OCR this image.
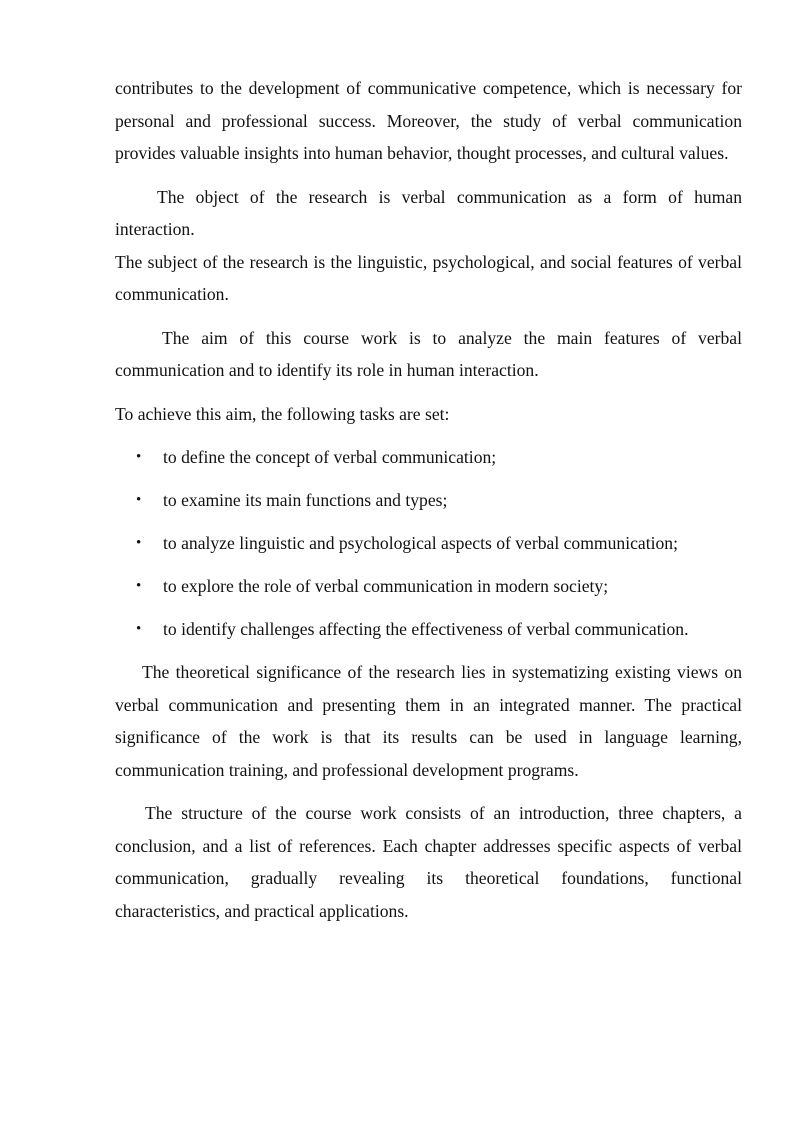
contributes to the development of communicative competence, which is necessary for personal and professional success. Moreover, the study of verbal communication provides valuable insights into human behavior, thought processes, and cultural values.

The object of the research is verbal communication as a form of human interaction.

The subject of the research is the linguistic, psychological, and social features of verbal communication.

The aim of this course work is to analyze the main features of verbal communication and to identify its role in human interaction.

To achieve this aim, the following tasks are set:

• to define the concept of verbal communication;
• to examine its main functions and types;
• to analyze linguistic and psychological aspects of verbal communication;
• to explore the role of verbal communication in modern society;
• to identify challenges affecting the effectiveness of verbal communication.

The theoretical significance of the research lies in systematizing existing views on verbal communication and presenting them in an integrated manner. The practical significance of the work is that its results can be used in language learning, communication training, and professional development programs.

The structure of the course work consists of an introduction, three chapters, a conclusion, and a list of references. Each chapter addresses specific aspects of verbal communication, gradually revealing its theoretical foundations, functional characteristics, and practical applications.
